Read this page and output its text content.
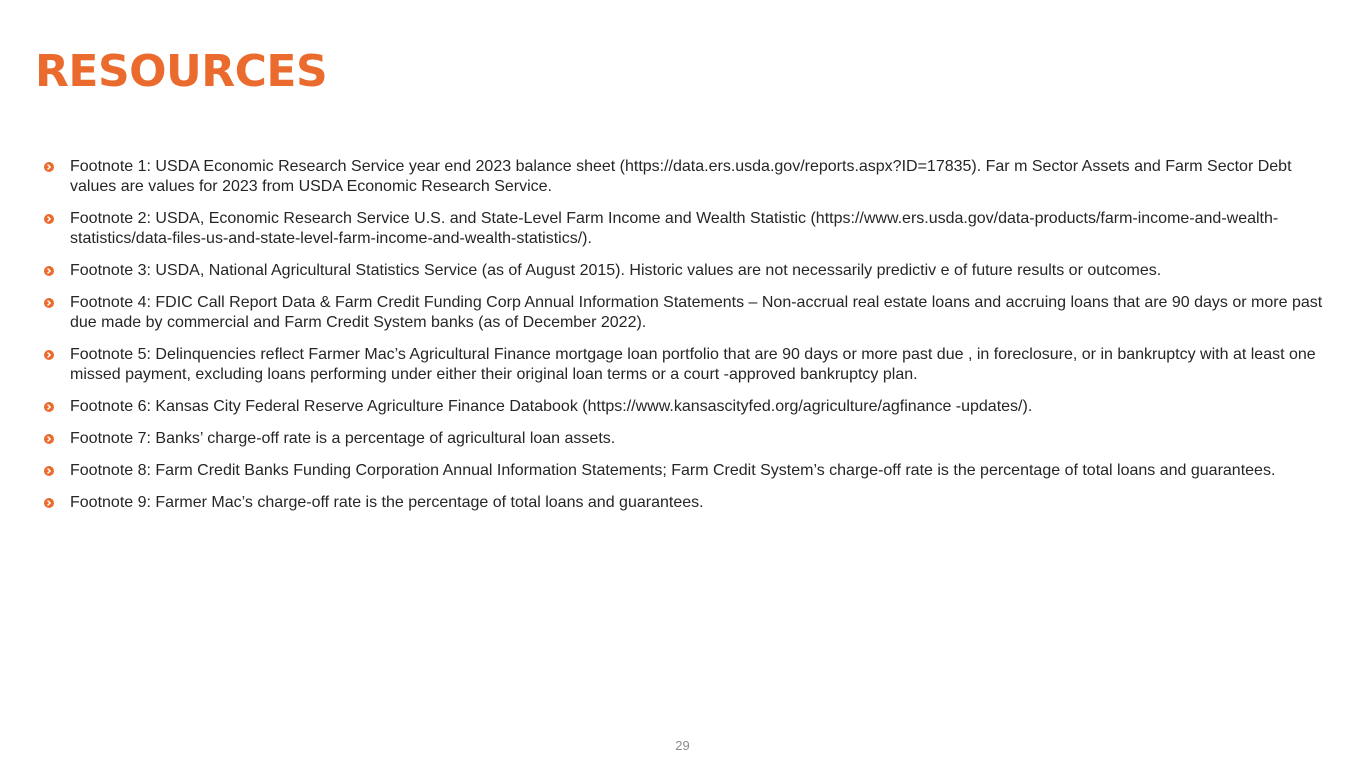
RESOURCES
Footnote 1: USDA Economic Research Service year end 2023 balance sheet (https://data.ers.usda.gov/reports.aspx?ID=17835). Far m Sector Assets and Farm Sector Debt values are values for 2023 from USDA Economic Research Service.
Footnote 2: USDA, Economic Research Service U.S. and State-Level Farm Income and Wealth Statistic (https://www.ers.usda.gov/data-products/farm-income-and-wealth-statistics/data-files-us-and-state-level-farm-income-and-wealth-statistics/).
Footnote 3: USDA, National Agricultural Statistics Service (as of August 2015). Historic values are not necessarily predictiv e of future results or outcomes.
Footnote 4: FDIC Call Report Data & Farm Credit Funding Corp Annual Information Statements – Non-accrual real estate loans and accruing loans that are 90 days or more past due made by commercial and Farm Credit System banks (as of December 2022).
Footnote 5: Delinquencies reflect Farmer Mac’s Agricultural Finance mortgage loan portfolio that are 90 days or more past due , in foreclosure, or in bankruptcy with at least one missed payment, excluding loans performing under either their original loan terms or a court -approved bankruptcy plan.
Footnote 6: Kansas City Federal Reserve Agriculture Finance Databook (https://www.kansascityfed.org/agriculture/agfinance -updates/).
Footnote 7: Banks’ charge-off rate is a percentage of agricultural loan assets.
Footnote 8: Farm Credit Banks Funding Corporation Annual Information Statements; Farm Credit System’s charge-off rate is the percentage of total loans and guarantees.
Footnote 9: Farmer Mac’s charge-off rate is the percentage of total loans and guarantees.
29
